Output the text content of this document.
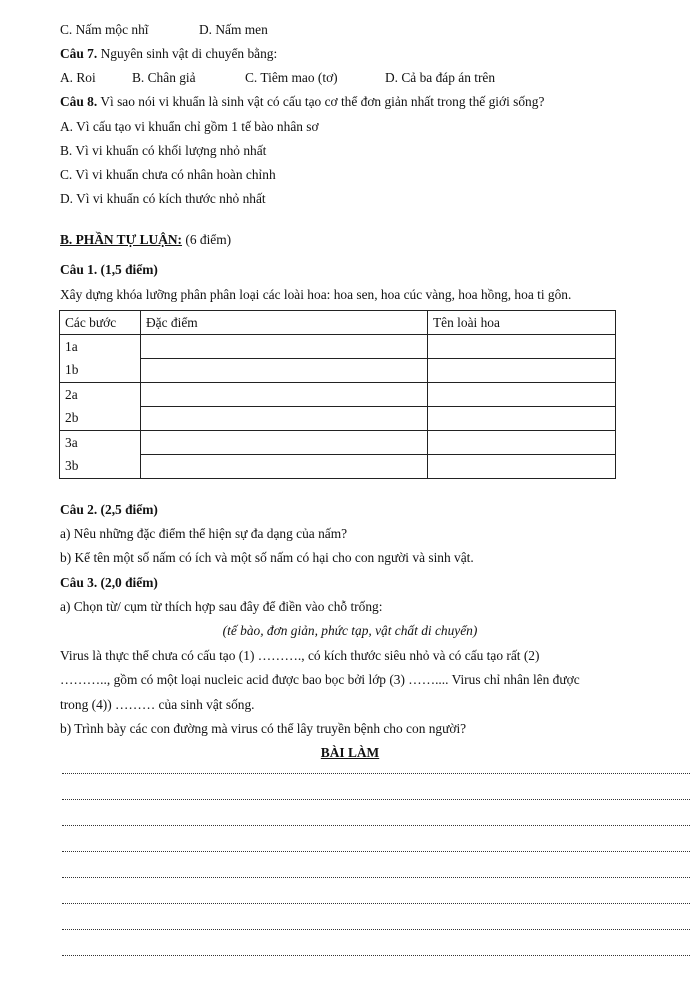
C. Nấm mộc nhĩ	D. Nấm men
Câu 7. Nguyên sinh vật di chuyển bằng:
A. Roi	B. Chân giả	C. Tiêm mao (tơ)	D. Cả ba đáp án trên
Câu 8. Vì sao nói vi khuẩn là sinh vật có cấu tạo cơ thể đơn giản nhất trong thế giới sống?
A. Vì cấu tạo vi khuẩn chỉ gồm 1 tế bào nhân sơ
B. Vì vi khuẩn có khối lượng nhỏ nhất
C. Vì vi khuẩn chưa có nhân hoàn chỉnh
D. Vì vi khuẩn có kích thước nhỏ nhất
B. PHẦN TỰ LUẬN: (6 điểm)
Câu 1. (1,5 điểm)
Xây dựng khóa lưỡng phân phân loại các loài hoa: hoa sen, hoa cúc vàng, hoa hồng, hoa ti gôn.
Các bước	Đặc điểm	Tên loài hoa
1a		
1b		
2a		
2b		
3a		
3b		
Câu 2. (2,5 điểm)
a) Nêu những đặc điểm thể hiện sự đa dạng của nấm?
b) Kể tên một số nấm có ích và một số nấm có hại cho con người và sinh vật.
Câu 3. (2,0 điểm)
a) Chọn từ/ cụm từ thích hợp sau đây để điền vào chỗ trống:
(tế bào, đơn giản, phức tạp, vật chất di chuyển)
Virus là thực thể chưa có cấu tạo (1) ………., có kích thước siêu nhỏ và có cấu tạo rất (2)
……….., gồm có một loại nucleic acid được bao bọc bởi lớp (3) …….... Virus chỉ nhân lên được
trong (4)) ……… của sinh vật sống.
b) Trình bày các con đường mà virus có thể lây truyền bệnh cho con người?
BÀI LÀM
